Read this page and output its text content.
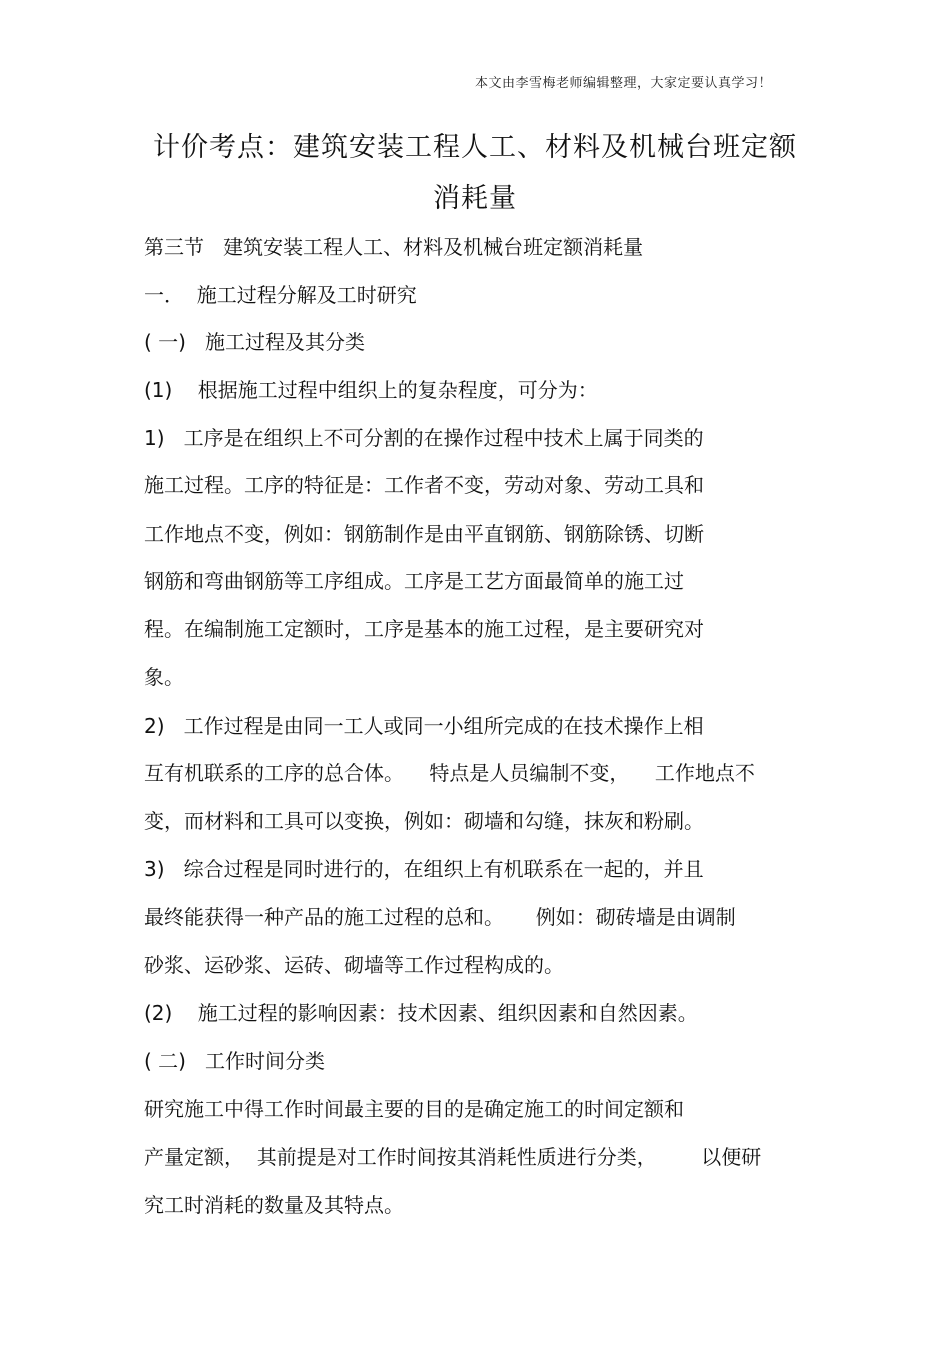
本文由李雪梅老师编辑整理，大家定要认真学习！
计价考点：建筑安装工程人工、材料及机械台班定额
消耗量
第三节   建筑安装工程人工、材料及机械台班定额消耗量
一．  施工过程分解及工时研究
( 一)   施工过程及其分类
(1)    根据施工过程中组织上的复杂程度，可分为：
1)   工序是在组织上不可分割的在操作过程中技术上属于同类的
施工过程。工序的特征是：工作者不变，劳动对象、劳动工具和
工作地点不变，例如：钢筋制作是由平直钢筋、钢筋除锈、切断
钢筋和弯曲钢筋等工序组成。工序是工艺方面最简单的施工过
程。在编制施工定额时，工序是基本的施工过程，是主要研究对
象。
2)   工作过程是由同一工人或同一小组所完成的在技术操作上相
互有机联系的工序的总合体。    特点是人员编制不变，    工作地点不
变，而材料和工具可以变换，例如：砌墙和勾缝，抹灰和粉刷。
3)   综合过程是同时进行的，在组织上有机联系在一起的，并且
最终能获得一种产品的施工过程的总和。     例如：砌砖墙是由调制
砂浆、运砂浆、运砖、砌墙等工作过程构成的。
(2)    施工过程的影响因素：技术因素、组织因素和自然因素。
( 二)   工作时间分类
研究施工中得工作时间最主要的目的是确定施工的时间定额和
产量定额，  其前提是对工作时间按其消耗性质进行分类，       以便研
究工时消耗的数量及其特点。
